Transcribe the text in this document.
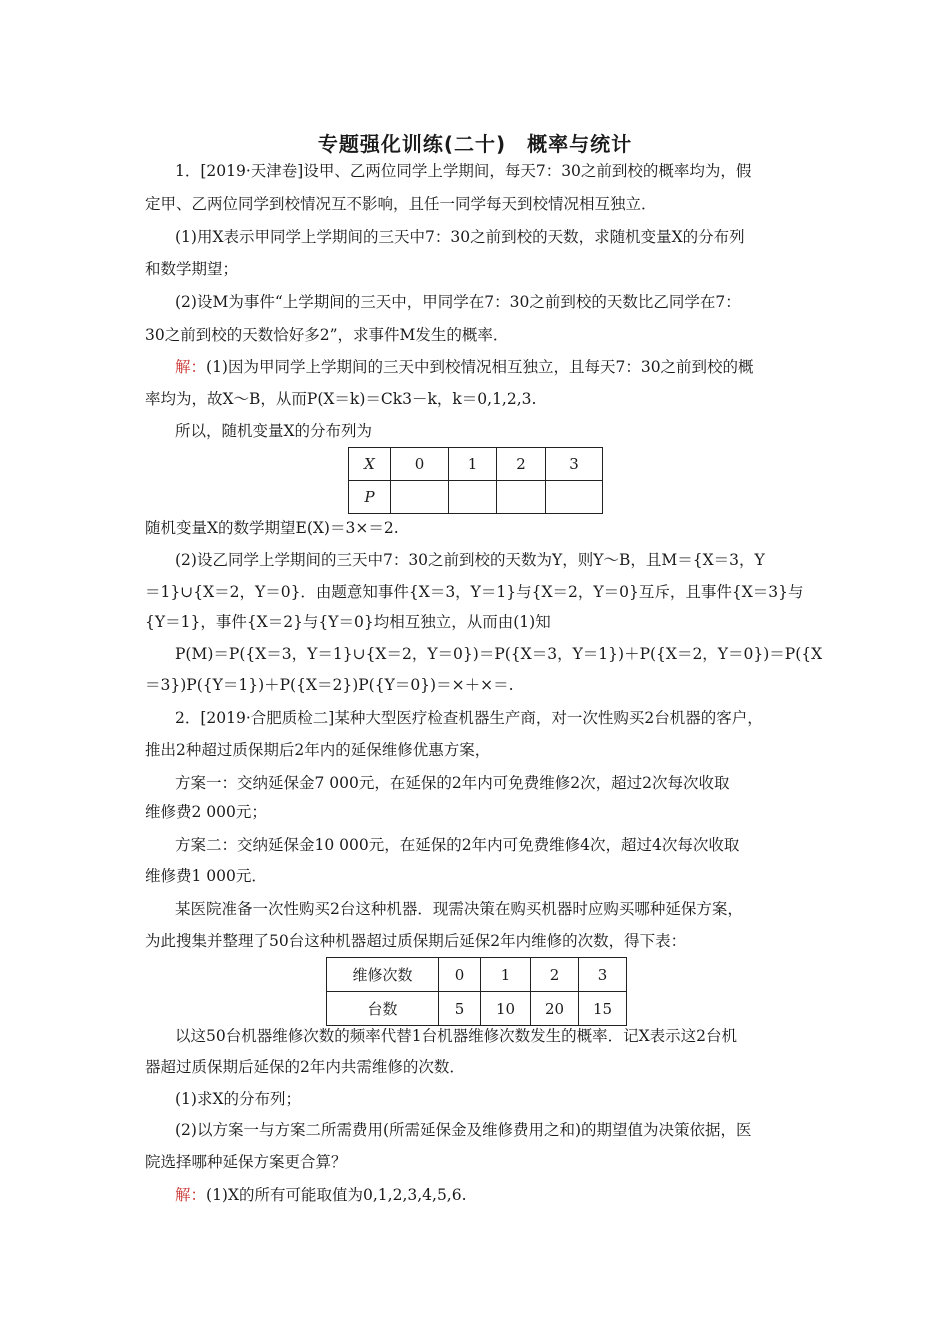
专题强化训练(二十)　概率与统计
1．[2019·天津卷]设甲、乙两位同学上学期间，每天7：30之前到校的概率均为，假
定甲、乙两位同学到校情况互不影响，且任一同学每天到校情况相互独立．
(1)用X表示甲同学上学期间的三天中7：30之前到校的天数，求随机变量X的分布列
和数学期望；
(2)设M为事件“上学期间的三天中，甲同学在7：30之前到校的天数比乙同学在7：
30之前到校的天数恰好多2”，求事件M发生的概率．
解：(1)因为甲同学上学期间的三天中到校情况相互独立，且每天7：30之前到校的概
率均为，故X～B，从而P(X＝k)＝Ck3－k，k＝0,1,2,3.
所以，随机变量X的分布列为
X	0	1	2	3
P				
随机变量X的数学期望E(X)＝3×＝2.
(2)设乙同学上学期间的三天中7：30之前到校的天数为Y，则Y～B，且M＝{X＝3，Y
＝1}∪{X＝2，Y＝0}．由题意知事件{X＝3，Y＝1}与{X＝2，Y＝0}互斥，且事件{X＝3}与
{Y＝1}，事件{X＝2}与{Y＝0}均相互独立，从而由(1)知
P(M)＝P({X＝3，Y＝1}∪{X＝2，Y＝0})＝P({X＝3，Y＝1})＋P({X＝2，Y＝0})＝P({X
＝3})P({Y＝1})＋P({X＝2})P({Y＝0})＝×＋×＝.
2．[2019·合肥质检二]某种大型医疗检查机器生产商，对一次性购买2台机器的客户，
推出2种超过质保期后2年内的延保维修优惠方案，
方案一：交纳延保金7 000元，在延保的2年内可免费维修2次，超过2次每次收取
维修费2 000元；
方案二：交纳延保金10 000元，在延保的2年内可免费维修4次，超过4次每次收取
维修费1 000元．
某医院准备一次性购买2台这种机器．现需决策在购买机器时应购买哪种延保方案，
为此搜集并整理了50台这种机器超过质保期后延保2年内维修的次数，得下表：
维修次数	0	1	2	3
台数	5	10	20	15
以这50台机器维修次数的频率代替1台机器维修次数发生的概率．记X表示这2台机
器超过质保期后延保的2年内共需维修的次数．
(1)求X的分布列；
(2)以方案一与方案二所需费用(所需延保金及维修费用之和)的期望值为决策依据，医
院选择哪种延保方案更合算？
解：(1)X的所有可能取值为0,1,2,3,4,5,6.
